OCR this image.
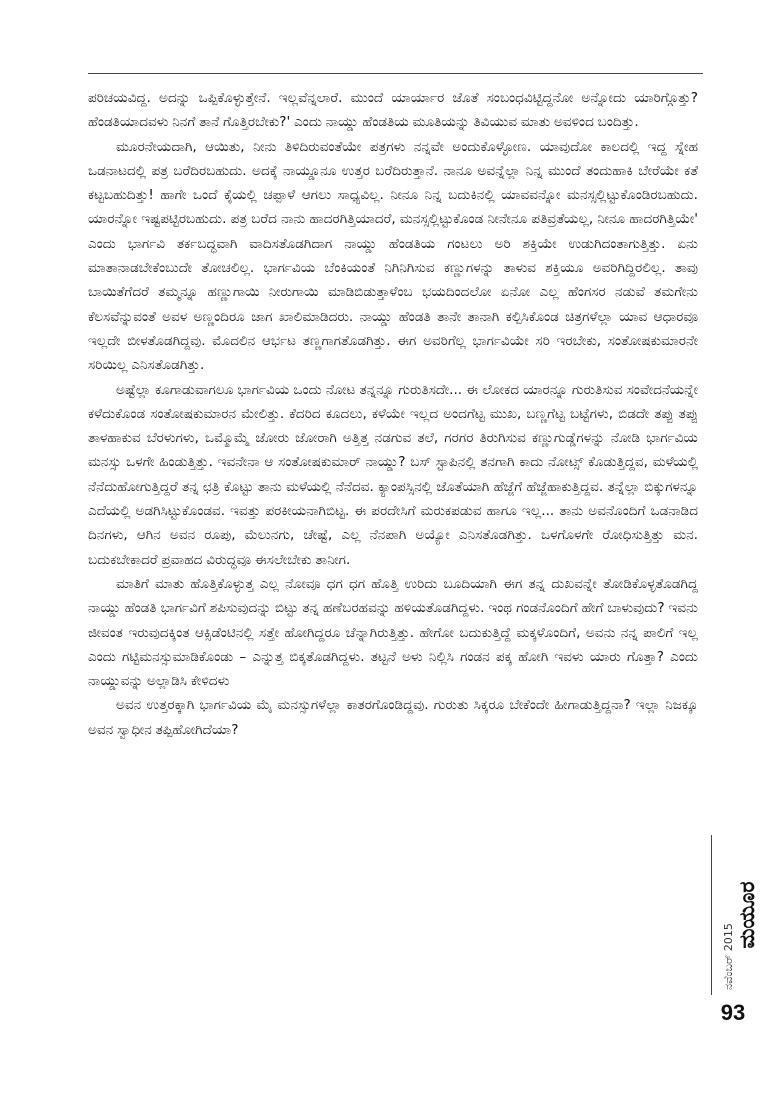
ಪರಿಚಯವಿದ್ದ. ಅದನ್ನು ಒಪ್ಪಿಕೊಳ್ಳುತ್ತೇನೆ. ಇಲ್ಲವೆನ್ನಲಾರೆ. ಮುಂದೆ ಯಾರ್ಯಾರ ಜೊತೆ ಸಂಬಂಧವಿಟ್ಟಿದ್ದನೋ ಅನ್ನೋದು ಯಾರಿಗ್ಗೊತ್ತು? ಹೆಂಡತಿಯಾದವಳು ನಿನಗೆ ತಾನೆ ಗೊತ್ತಿರಬೇಕು?' ಎಂದು ನಾಯ್ಡು ಹೆಂಡತಿಯ ಮೂತಿಯನ್ನು ತಿವಿಯುವ ಮಾತು ಅವಳಿಂದ ಬಂದಿತ್ತು.

ಮೂರನೇಯದಾಗಿ, ಆಯಿತು, ನೀನು ತಿಳಿದಿರುವಂತೆಯೇ ಪತ್ರಗಳು ನನ್ನವೇ ಅಂದುಕೊಳ್ಳೋಣ. ಯಾವುದೋ ಕಾಲದಲ್ಲಿ ಇದ್ದ ಸ್ನೇಹ ಒಡನಾಟದಲ್ಲಿ ಪತ್ರ ಬರೆದಿರಬಹುದು. ಅದಕ್ಕೆ ನಾಯ್ಡೂನೂ ಉತ್ತರ ಬರೆದಿರುತ್ತಾನೆ. ನಾನೂ ಅವನ್ನೆಲ್ಲಾ ನಿನ್ನ ಮುಂದೆ ತಂದುಹಾಕಿ ಬೇರೆಯೇ ಕತೆ ಕಟ್ಟಬಹುದಿತ್ತು! ಹಾಗೇ ಒಂದೆ ಕೈಯಲ್ಲಿ ಚಪ್ಪಾಳೆ ಆಗಲು ಸಾಧ್ಯವಿಲ್ಲ. ನೀನೂ ನಿನ್ನ ಬದುಕಿನಲ್ಲಿ ಯಾವವನ್ನೋ ಮನಸ್ಸಲ್ಲಿಟ್ಟುಕೊಂಡಿರಬಹುದು. ಯಾರನ್ನೋ ಇಷ್ಟಪಟ್ಟಿರಬಹುದು. ಪತ್ರ ಬರೆದ ನಾನು ಹಾದರಗಿತ್ತಿಯಾದರೆ, ಮನಸ್ಸಲ್ಲಿಟ್ಟುಕೊಂಡ ನೀನೇನೂ ಪತಿವ್ರತೆಯಲ್ಲ, ನೀನೂ ಹಾದರಗಿತ್ತಿಯೇ' ಎಂದು ಭಾರ್ಗವಿ ತರ್ಕಬದ್ಧವಾಗಿ ವಾದಿಸತೊಡಗಿದಾಗ ನಾಯ್ಡು ಹೆಂಡತಿಯ ಗಂಟಲು ಅರಿ ಶಕ್ತಿಯೇ ಉಡುಗಿದಂತಾಗುತ್ತಿತ್ತು. ಏನು ಮಾತಾನಾಡಬೇಕೆಂಬುದೇ ತೋಚಲಿಲ್ಲ. ಭಾರ್ಗವಿಯ ಬೆಂಕಿಯಂತೆ ನಿಗಿನಿಗಿಸುವ ಕಣ್ಣುಗಳನ್ನು ತಾಳುವ ಶಕ್ತಿಯೂ ಅವರಿಗಿದ್ದಿರಲಿಲ್ಲ. ತಾವು ಬಾಯಿತೆಗೆದರೆ ತಮ್ಮನ್ನೂ ಹಣ್ಣುಗಾಯಿ ನೀರುಗಾಯಿ ಮಾಡಿಬಿಡುತ್ತಾಳೆಂಬ ಭಯದಿಂದಲೋ ಏನೋ ಎಲ್ಲ ಹೆಂಗಸರ ನಡುವೆ ತಮಗೇನು ಕೆಲಸವೆನ್ನುವಂತೆ ಅವಳ ಅಣ್ಣಂದಿರೂ ಜಾಗ ಖಾಲಿಮಾಡಿದರು. ನಾಯ್ಡು ಹೆಂಡತಿ ತಾನೇ ತಾನಾಗಿ ಕಲ್ಪಿಸಿಕೊಂಡ ಚಿತ್ರಗಳೆಲ್ಲಾ ಯಾವ ಆಧಾರವೂ ಇಲ್ಲದೇ ಬೀಳತೊಡಗಿದ್ದವು. ಮೊದಲಿನ ಆರ್ಭಟ ತಣ್ಣಗಾಗತೊಡಗಿತ್ತು. ಈಗ ಅವರಿಗೆಲ್ಲ ಭಾರ್ಗವಿಯೇ ಸರಿ ಇರಬೇಕು, ಸಂತೋಷಕುಮಾರನೇ ಸರಿಯಿಲ್ಲ ಎನಿಸತೊಡಗಿತ್ತು.

ಅಷ್ಟೆಲ್ಲಾ ಕೂಗಾಡುವಾಗಲೂ ಭಾರ್ಗವಿಯ ಒಂದು ನೋಟ ತನ್ನನ್ನೂ ಗುರುತಿಸದೇ... ಈ ಲೋಕದ ಯಾರನ್ನೂ ಗುರುತಿಸುವ ಸಂವೇದನೆಯನ್ನೇ ಕಳೆದುಕೊಂಡ ಸಂತೋಷಕುಮಾರನ ಮೇಲಿತ್ತು. ಕೆದರಿದ ಕೂದಲು, ಕಳೆಯೇ ಇಲ್ಲದ ಅಂದಗೆಟ್ಟ ಮುಖ, ಬಣ್ಣಗೆಟ್ಟ ಬಟ್ಟೆಗಳು, ಬಿಡದೇ ತಪ್ಪು ತಪ್ಪು ತಾಳಹಾಕುವ ಬೆರಳುಗಳು, ಒಮ್ಮೊಮ್ಮೆ ಜೋರು ಜೋರಾಗಿ ಅತ್ತಿತ್ತ ನಡಗುವ ತಲೆ, ಗರಗರ ತಿರುಗಿಸುವ ಕಣ್ಣುಗುಡ್ಡೆಗಳನ್ನು ನೋಡಿ ಭಾರ್ಗವಿಯ ಮನಸ್ಸು ಒಳಗೇ ಹಿಂಡುತ್ತಿತ್ತು. ಇವನೇನಾ ಆ ಸಂತೋಷಕುಮಾರ್ ನಾಯ್ಡು? ಬಸ್ ಸ್ಟಾಪಿನಲ್ಲಿ ತನಗಾಗಿ ಕಾದು ನೋಟ್ಸ್ ಕೊಡುತ್ತಿದ್ದವ, ಮಳೆಯಲ್ಲಿ ನೆನೆದುಹೋಗುತ್ತಿದ್ದರೆ ತನ್ನ ಛತ್ರಿ ಕೊಟ್ಟು ತಾನು ಮಳೆಯಲ್ಲಿ ನೆನೆದವ. ಕ್ಯಾಂಪಸ್ಸಿನಲ್ಲಿ ಜೊತೆಯಾಗಿ ಹೆಜ್ಜೆಗೆ ಹೆಜ್ಜೆಹಾಕುತ್ತಿದ್ದವ. ತನ್ನೆಲ್ಲಾ ಬಿಕ್ಕುಗಳನ್ನೂ ಎದೆಯಲ್ಲಿ ಅಡಗಿಸಿಟ್ಟುಕೊಂಡವ. ಇವತ್ತು ಪರಕೀಯನಾಗಿಬಿಟ್ಟ. ಈ ಪರದೇಸಿಗೆ ಮರುಕಪಡುವ ಹಾಗೂ ಇಲ್ಲ... ತಾನು ಅವನೊಂದಿಗೆ ಒಡನಾಡಿದ ದಿನಗಳು, ಆಗಿನ ಅವನ ರೂಪು, ಮೆಲುನಗು, ಚೇಷ್ಟೆ, ಎಲ್ಲ ನೆನಪಾಗಿ ಅಯ್ಯೋ ಎನಿಸತೊಡಗಿತ್ತು. ಒಳಗೊಳಗೇ ರೋಧಿಸುತ್ತಿತ್ತು ಮನ. ಬದುಕಬೇಕಾದರೆ ಪ್ರವಾಹದ ವಿರುದ್ಧವೂ ಈಸಲೇಬೇಕು ತಾನೀಗ.

ಮಾತಿಗೆ ಮಾತು ಹೊತ್ತಿಕೊಳ್ಳುತ್ತ ಎಲ್ಲ ನೋವೂ ಧಗ ಧಗ ಹೊತ್ತಿ ಉರಿದು ಬೂದಿಯಾಗಿ ಈಗ ತನ್ನ ದುಖವನ್ನೇ ತೋಡಿಕೊಳ್ಳತೊಡಗಿದ್ದ ನಾಯ್ಡು ಹೆಂಡತಿ ಭಾರ್ಗವಿಗೆ ಶಪಿಸುವುದನ್ನು ಬಿಟ್ಟು ತನ್ನ ಹಣೆಬರಹವನ್ನು ಹಳಿಯತೊಡಗಿದ್ದಳು. ಇಂಥ ಗಂಡನೊಂದಿಗೆ ಹೇಗೆ ಬಾಳುವುದು? ಇವನು ಜೀವಂತ ಇರುವುದಕ್ಕಿಂತ ಆಕ್ಸಿಡೆಂಟಿನಲ್ಲಿ ಸತ್ತೇ ಹೋಗಿದ್ದರೂ ಚೆನ್ನಾಗಿರುತ್ತಿತ್ತು. ಹೇಗೋ ಬದುಕುತ್ತಿದ್ದೆ ಮಕ್ಕಳೊಂದಿಗೆ, ಅವನು ನನ್ನ ಪಾಲಿಗೆ ಇಲ್ಲ ಎಂದು ಗಟ್ಟಿಮನಸ್ಸುಮಾಡಿಕೊಂಡು – ಎನ್ನುತ್ತ ಬಿಕ್ಕತೊಡಗಿದ್ದಳು. ತಟ್ಟನೆ ಅಳು ನಿಲ್ಲಿಸಿ ಗಂಡನ ಪಕ್ಕ ಹೋಗಿ ಇವಳು ಯಾರು ಗೊತ್ತಾ? ಎಂದು ನಾಯ್ಡುವನ್ನು ಅಲ್ಲಾಡಿಸಿ ಕೇಳಿದಳು

ಅವನ ಉತ್ತರಕ್ಕಾಗಿ ಭಾರ್ಗವಿಯ ಮೈ ಮನಸ್ಸುಗಳೆಲ್ಲಾ ಕಾತರಗೊಂಡಿದ್ದವು. ಗುರುತು ಸಿಕ್ಕರೂ ಬೇಕೆಂದೇ ಹೀಗಾಡುತ್ತಿದ್ದನಾ? ಇಲ್ಲಾ ನಿಜಕ್ಕೂ ಅವನ ಸ್ವಾಧೀನ ತಪ್ಪಿಹೋಗಿದೆಯಾ?

ನವೆಂಬರ್ 2015
ಮಯೂರ
93
